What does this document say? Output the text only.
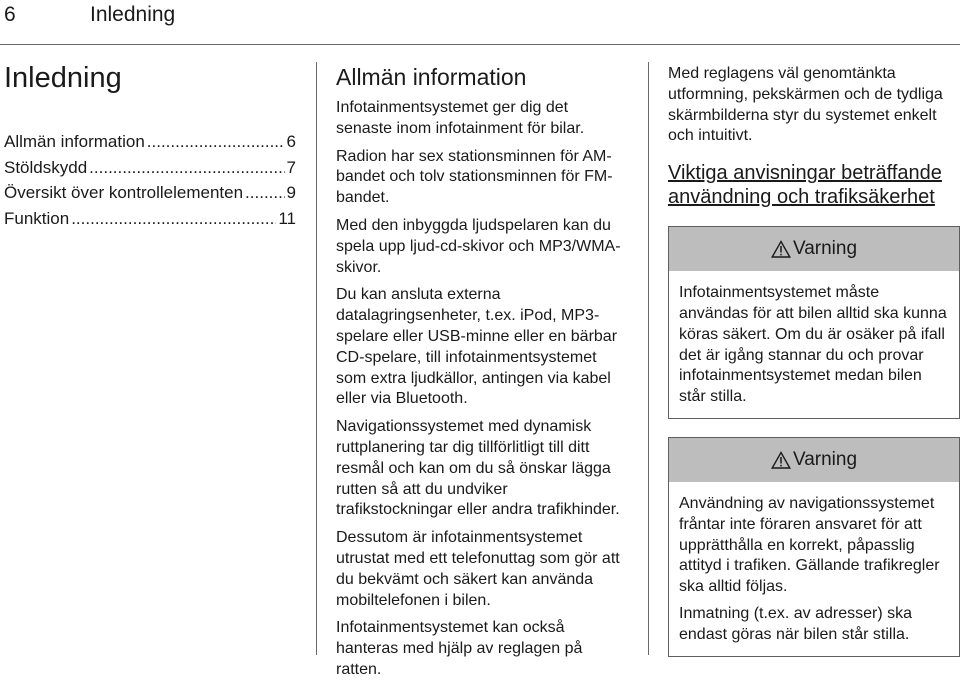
6	Inledning
Inledning
Allmän information .....	6
Stöldskydd .....	7
Översikt över kontrollelementen .....	9
Funktion .....	11
Allmän information

Infotainmentsystemet ger dig det senaste inom infotainment för bilar.

Radion har sex stationsminnen för AM-bandet och tolv stationsminnen för FM-bandet.

Med den inbyggda ljudspelaren kan du spela upp ljud-cd-skivor och MP3/WMA-skivor.

Du kan ansluta externa datalagringsenheter, t.ex. iPod, MP3-spelare eller USB-minne eller en bärbar CD-spelare, till infotainmentsystemet som extra ljudkällor, antingen via kabel eller via Bluetooth.

Navigationssystemet med dynamisk ruttplanering tar dig tillförlitligt till ditt resmål och kan om du så önskar lägga rutten så att du undviker trafikstockningar eller andra trafikhinder.

Dessutom är infotainmentsystemet utrustat med ett telefonuttag som gör att du bekvämt och säkert kan använda mobiltelefonen i bilen.

Infotainmentsystemet kan också hanteras med hjälp av reglagen på ratten.

Med reglagens väl genomtänkta utformning, pekskärmen och de tydliga skärmbilderna styr du systemet enkelt och intuitivt.

Viktiga anvisningar beträffande användning och trafiksäkerhet
Varning

Infotainmentsystemet måste användas för att bilen alltid ska kunna köras säkert. Om du är osäker på ifall det är igång stannar du och provar infotainmentsystemet medan bilen står stilla.

Varning

Användning av navigationssystemet fråntar inte föraren ansvaret för att upprätthålla en korrekt, påpasslig attityd i trafiken. Gällande trafikregler ska alltid följas.

Inmatning (t.ex. av adresser) ska endast göras när bilen står stilla.
